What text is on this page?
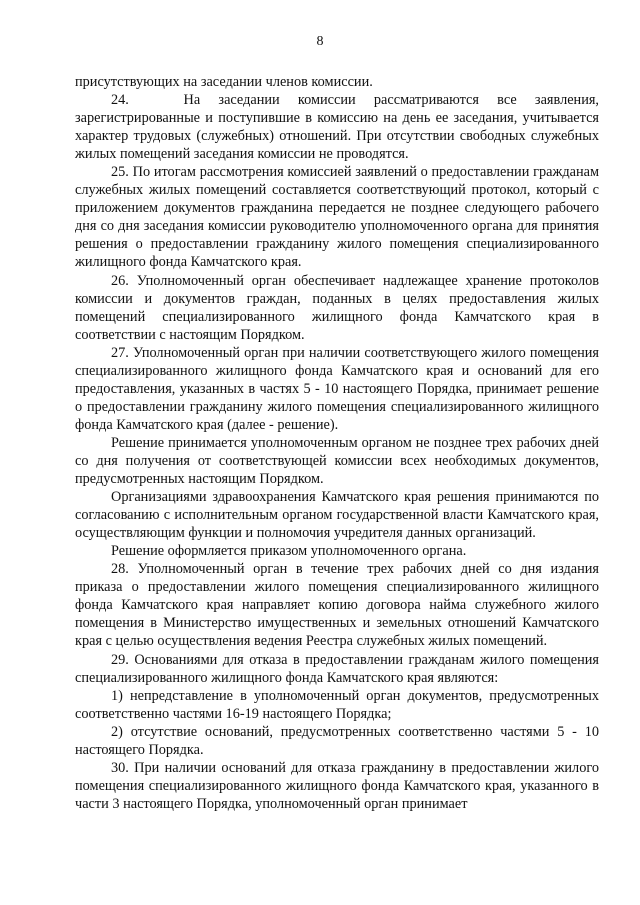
8

присутствующих на заседании членов комиссии.

24.   На заседании комиссии рассматриваются все заявления, зарегистрированные и поступившие в комиссию на день ее заседания, учитывается характер трудовых (служебных) отношений. При отсутствии свободных служебных жилых помещений заседания комиссии не проводятся.

25. По итогам рассмотрения комиссией заявлений о предоставлении гражданам служебных жилых помещений составляется соответствующий протокол, который с приложением документов гражданина передается не позднее следующего рабочего дня со дня заседания комиссии руководителю уполномоченного органа для принятия решения о предоставлении гражданину жилого помещения специализированного жилищного фонда Камчатского края.

26. Уполномоченный орган обеспечивает надлежащее хранение протоколов комиссии и документов граждан, поданных в целях предоставления жилых помещений специализированного жилищного фонда Камчатского края в соответствии с настоящим Порядком.

27. Уполномоченный орган при наличии соответствующего жилого помещения специализированного жилищного фонда Камчатского края и оснований для его предоставления, указанных в частях 5 - 10 настоящего Порядка, принимает решение о предоставлении гражданину жилого помещения специализированного жилищного фонда Камчатского края (далее - решение).

Решение принимается уполномоченным органом не позднее трех рабочих дней со дня получения от соответствующей комиссии всех необходимых документов, предусмотренных настоящим Порядком.

Организациями здравоохранения Камчатского края решения принимаются по согласованию с исполнительным органом государственной власти Камчатского края, осуществляющим функции и полномочия учредителя данных организаций.

Решение оформляется приказом уполномоченного органа.

28. Уполномоченный орган в течение трех рабочих дней со дня издания приказа о предоставлении жилого помещения специализированного жилищного фонда Камчатского края направляет копию договора найма служебного жилого помещения в Министерство имущественных и земельных отношений Камчатского края с целью осуществления ведения Реестра служебных жилых помещений.

29. Основаниями для отказа в предоставлении гражданам жилого помещения специализированного жилищного фонда Камчатского края являются:

1) непредставление в уполномоченный орган документов, предусмотренных соответственно частями 16-19 настоящего Порядка;

2) отсутствие оснований, предусмотренных соответственно частями 5 - 10 настоящего Порядка.

30. При наличии оснований для отказа гражданину в предоставлении жилого помещения специализированного жилищного фонда Камчатского края, указанного в части 3 настоящего Порядка, уполномоченный орган принимает
